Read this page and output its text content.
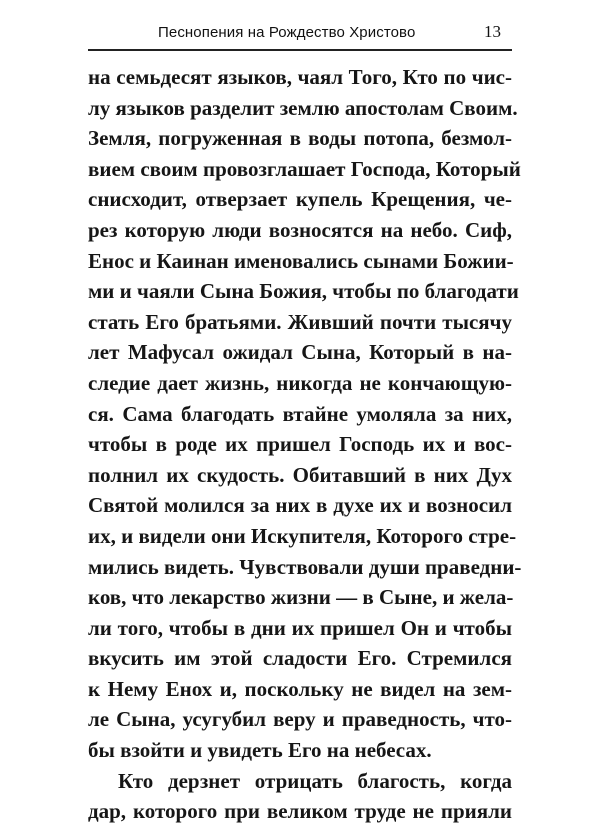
Песнопения на Рождество Христово	13
на семьдесят языков, чаял Того, Кто по чис-
лу языков разделит землю апостолам Своим.
Земля, погруженная в воды потопа, безмол-
вием своим провозглашает Господа, Который
снисходит, отверзает купель Крещения, че-
рез которую люди возносятся на небо. Сиф,
Енос и Каинан именовались сынами Божии-
ми и чаяли Сына Божия, чтобы по благодати
стать Его братьями. Живший почти тысячу
лет Мафусал ожидал Сына, Который в на-
следие дает жизнь, никогда не кончающую-
ся. Сама благодать втайне умоляла за них,
чтобы в роде их пришел Господь их и вос-
полнил их скудость. Обитавший в них Дух
Святой молился за них в духе их и возносил
их, и видели они Искупителя, Которого стре-
мились видеть. Чувствовали души праведни-
ков, что лекарство жизни — в Сыне, и жела-
ли того, чтобы в дни их пришел Он и чтобы
вкусить им этой сладости Его. Стремился
к Нему Енох и, поскольку не видел на зем-
ле Сына, усугубил веру и праведность, что-
бы взойти и увидеть Его на небесах.
Кто дерзнет отрицать благость, когда
дар, которого при великом труде не прияли
